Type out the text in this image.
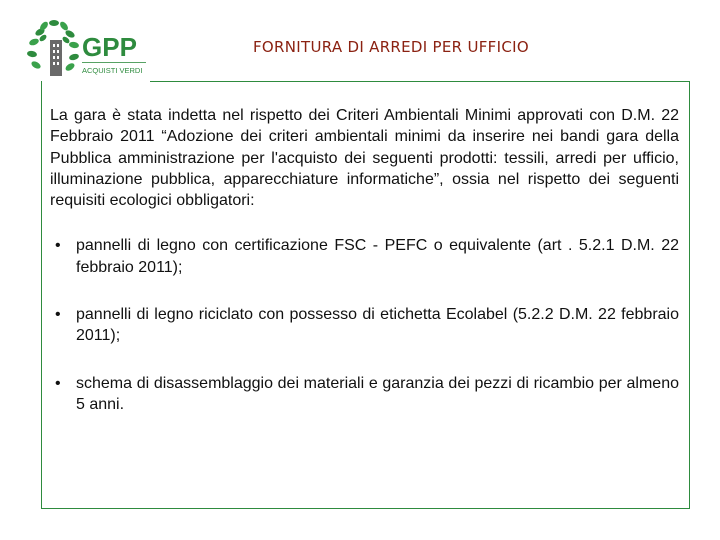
GPP
ACQUISTI VERDI
FORNITURA DI ARREDI PER UFFICIO

La gara è stata indetta nel rispetto dei Criteri Ambientali Minimi approvati con D.M. 22 Febbraio 2011 “Adozione dei criteri ambientali minimi da inserire nei bandi gara della Pubblica amministrazione per l'acquisto dei seguenti prodotti: tessili, arredi per ufficio, illuminazione pubblica, apparecchiature informatiche”, ossia nel rispetto dei seguenti requisiti ecologici obbligatori:

• pannelli di legno con certificazione FSC - PEFC o equivalente (art . 5.2.1 D.M. 22 febbraio 2011);
• pannelli di legno riciclato con possesso di etichetta Ecolabel (5.2.2 D.M. 22 febbraio 2011);
• schema di disassemblaggio dei materiali e garanzia dei pezzi di ricambio per almeno 5 anni.
